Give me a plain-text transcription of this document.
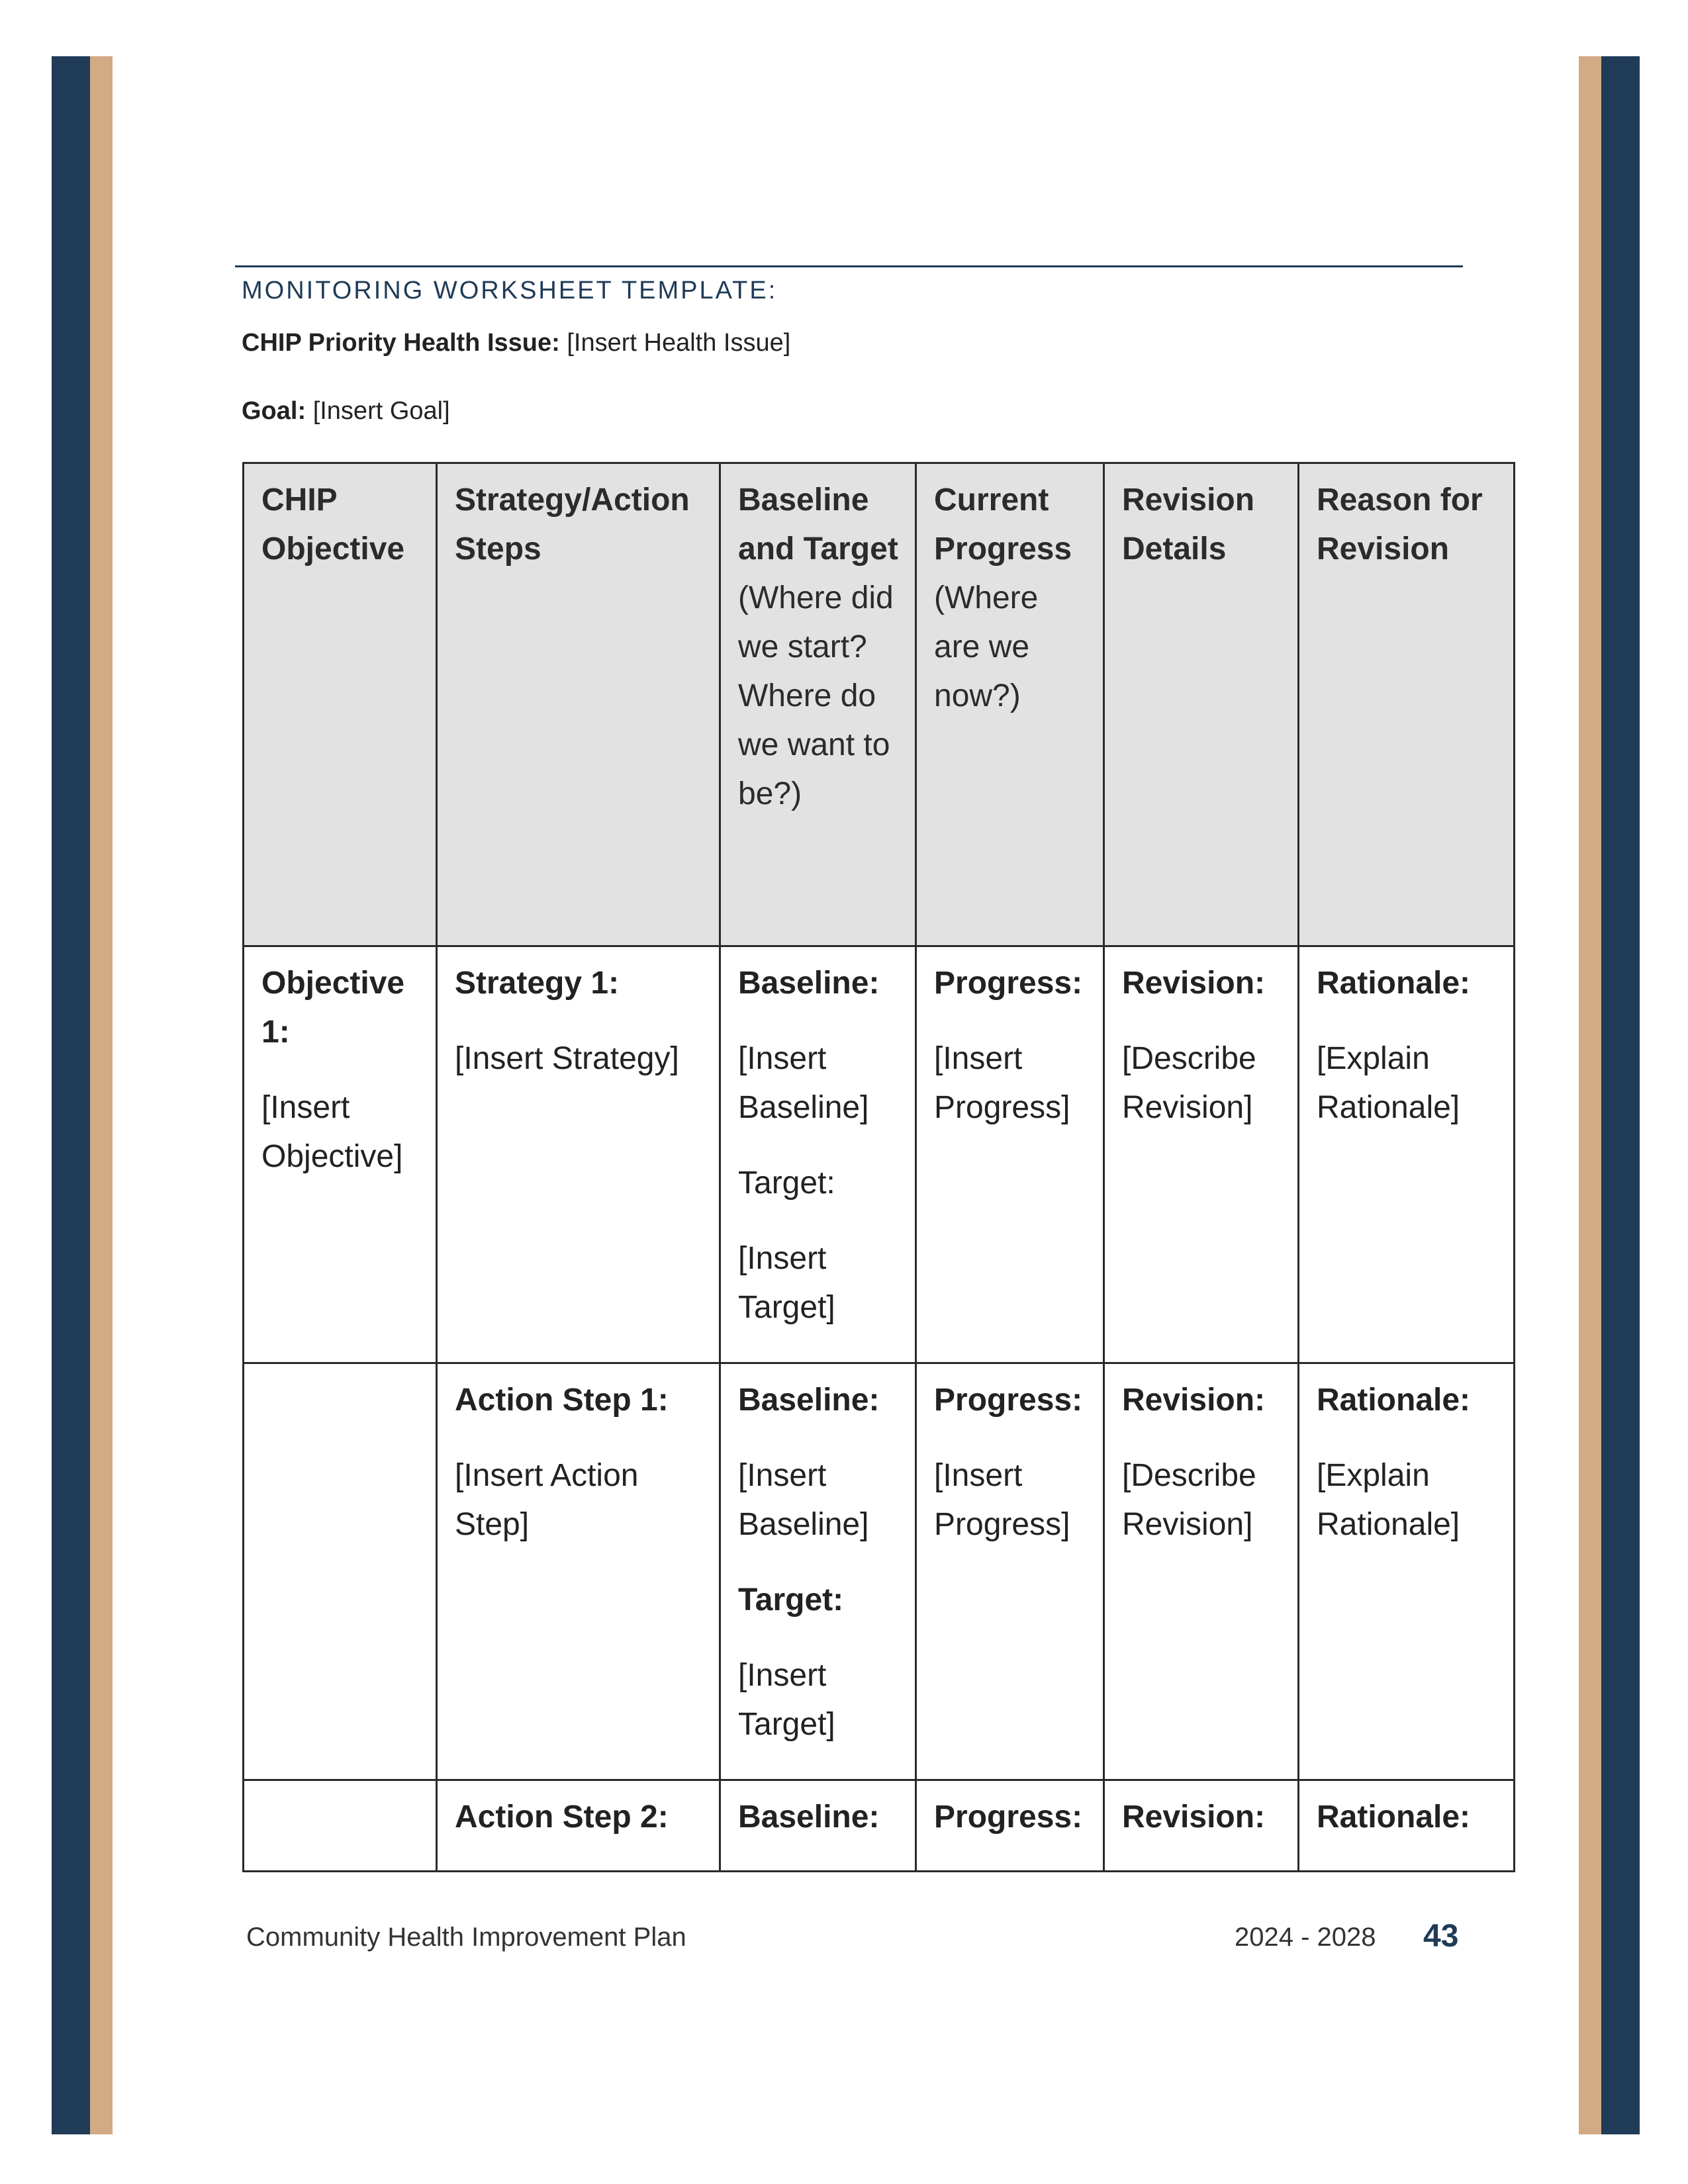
MONITORING WORKSHEET TEMPLATE:
CHIP Priority Health Issue: [Insert Health Issue]
Goal: [Insert Goal]
CHIP Objective	Strategy/Action Steps	Baseline and Target
(Where did we start? Where do we want to be?)	Current Progress
(Where are we now?)	Revision Details	Reason for Revision

Objective 1:
[Insert Objective]	Strategy 1:
[Insert Strategy]	Baseline:
[Insert Baseline]
Target:
[Insert Target]	Progress:
[Insert Progress]	Revision:
[Describe Revision]	Rationale:
[Explain Rationale]

	Action Step 1:
[Insert Action Step]	Baseline:
[Insert Baseline]
Target:
[Insert Target]	Progress:
[Insert Progress]	Revision:
[Describe Revision]	Rationale:
[Explain Rationale]

	Action Step 2:	Baseline:	Progress:	Revision:	Rationale:
Community Health Improvement Plan	2024 - 2028 43
